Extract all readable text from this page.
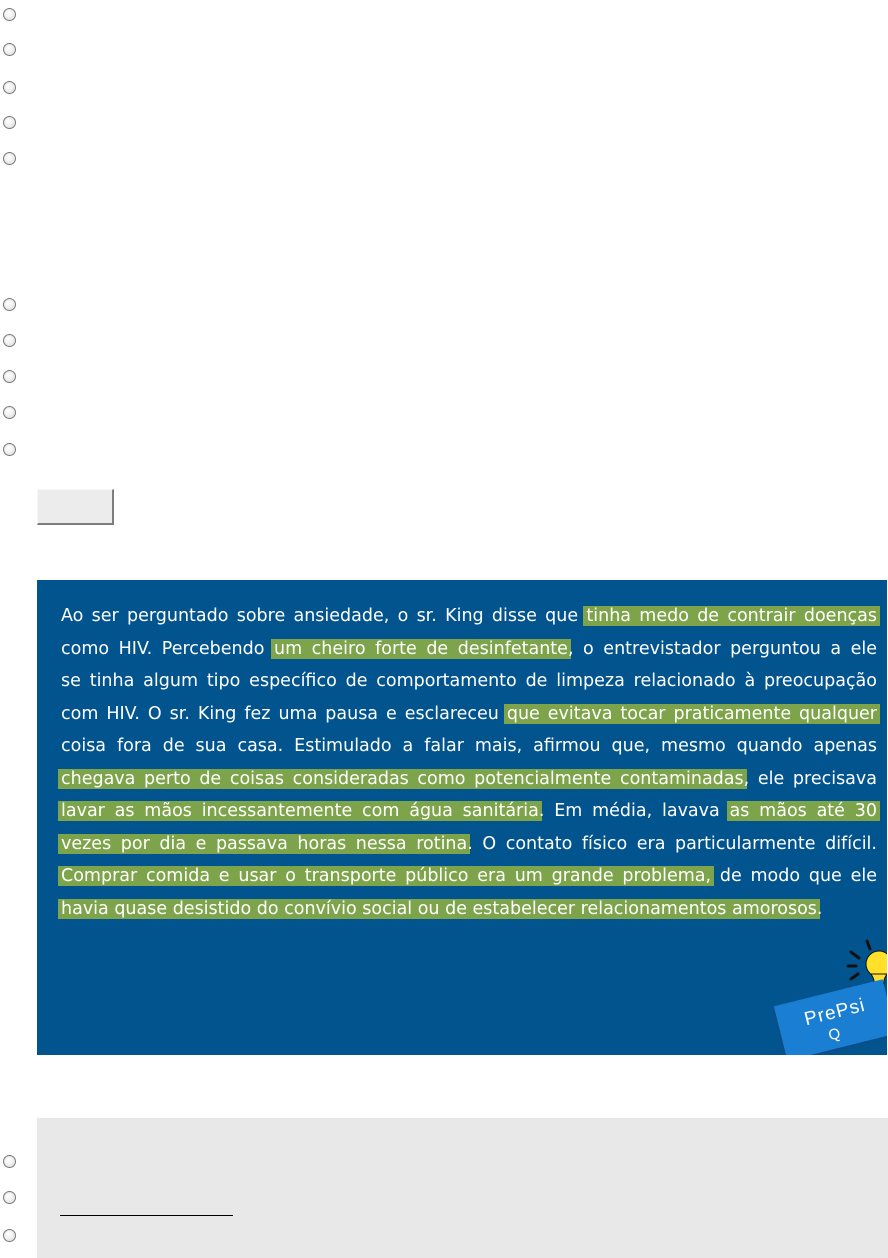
Ao ser perguntado sobre ansiedade, o sr. King disse que tinha medo de contrair doenças
como HIV. Percebendo um cheiro forte de desinfetante, o entrevistador perguntou a ele
se tinha algum tipo específico de comportamento de limpeza relacionado à preocupação
com HIV. O sr. King fez uma pausa e esclareceu que evitava tocar praticamente qualquer
coisa fora de sua casa. Estimulado a falar mais, afirmou que, mesmo quando apenas
chegava perto de coisas consideradas como potencialmente contaminadas, ele precisava
lavar as mãos incessantemente com água sanitária. Em média, lavava as mãos até 30
vezes por dia e passava horas nessa rotina. O contato físico era particularmente difícil.
Comprar comida e usar o transporte público era um grande problema, de modo que ele
havia quase desistido do convívio social ou de estabelecer relacionamentos amorosos.
PrePsi
Q
